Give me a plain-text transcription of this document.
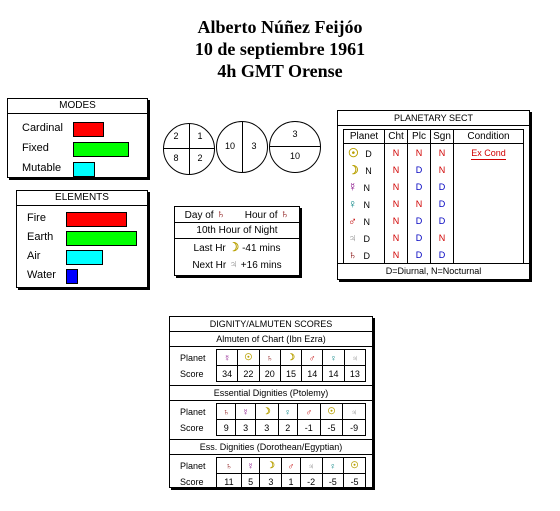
Alberto Núñez Feijóo
10 de septiembre 1961
4h GMT Orense
MODES
Cardinal
Fixed
Mutable
ELEMENTS
Fire
Earth
Air
Water
2	1
8	2
10	3
3
10
Day of ♄ Hour of ♄
10th Hour of Night
Last Hr ☽ -41 mins
Next Hr ♃ +16 mins
PLANETARY SECT
Planet	Cht	Plc	Sgn	Condition
☉ D	N	N	N	Ex Cond
☽ N	N	D	N	
☿ N	N	D	D	
♀ N	N	N	D	
♂ N	N	D	D	
♃ D	N	D	N	
♄ D	N	D	D	
D=Diurnal, N=Nocturnal
DIGNITY/ALMUTEN SCORES
Almuten of Chart (Ibn Ezra)
Planet	☿	☉	♄	☽	♂	♀	♃
Score	34	22	20	15	14	14	13
Essential Dignities (Ptolemy)
Planet	♄	☿	☽	♀	♂	☉	♃
Score	9	3	3	2	-1	-5	-9
Ess. Dignities (Dorothean/Egyptian)
Planet	♄	☿	☽	♂	♃	♀	☉
Score	11	5	3	1	-2	-5	-5
